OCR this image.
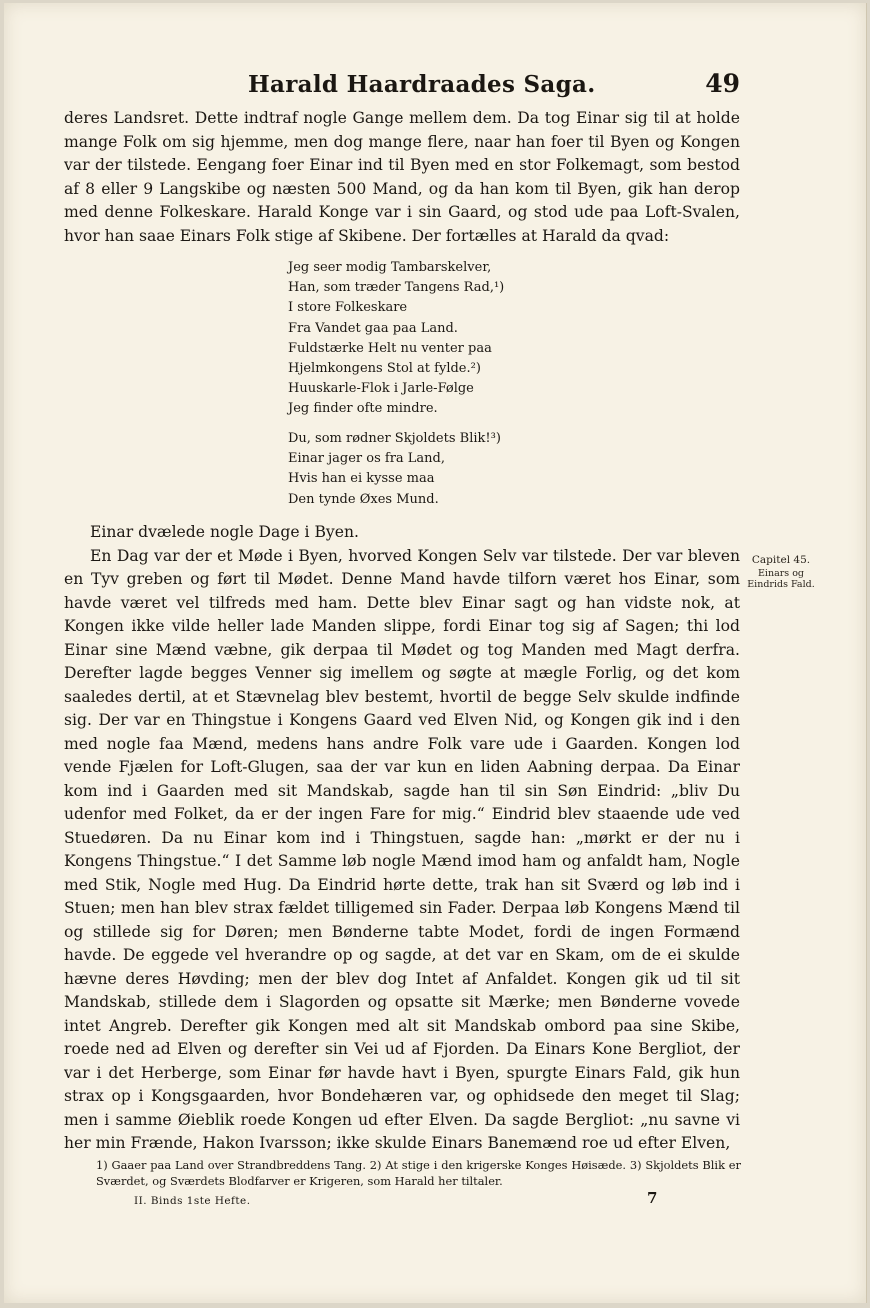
Harald Haardraades Saga.	49

deres Landsret. Dette indtraf nogle Gange mellem dem. Da tog Einar sig til at holde mange Folk om sig hjemme, men dog mange flere, naar han foer til Byen og Kongen var der tilstede. Eengang foer Einar ind til Byen med en stor Folkemagt, som bestod af 8 eller 9 Langskibe og næsten 500 Mand, og da han kom til Byen, gik han derop med denne Folkeskare. Harald Konge var i sin Gaard, og stod ude paa Loft-Svalen, hvor han saae Einars Folk stige af Skibene. Der fortælles at Harald da qvad:

Jeg seer modig Tambarskelver,
Han, som træder Tangens Rad,¹)
I store Folkeskare
Fra Vandet gaa paa Land.
Fuldstærke Helt nu venter paa
Hjelmkongens Stol at fylde.²)
Huuskarle-Flok i Jarle-Følge
Jeg finder ofte mindre.
Du, som rødner Skjoldets Blik!³)
Einar jager os fra Land,
Hvis han ei kysse maa
Den tynde Øxes Mund.

Einar dvælede nogle Dage i Byen.

En Dag var der et Møde i Byen, hvorved Kongen Selv var tilstede. Der var bleven en Tyv greben og ført til Mødet. Denne Mand havde tilforn været hos Einar, som havde været vel tilfreds med ham. Dette blev Einar sagt og han vidste nok, at Kongen ikke vilde heller lade Manden slippe, fordi Einar tog sig af Sagen; thi lod Einar sine Mænd væbne, gik derpaa til Mødet og tog Manden med Magt derfra. Derefter lagde begges Venner sig imellem og søgte at mægle Forlig, og det kom saaledes dertil, at et Stævnelag blev bestemt, hvortil de begge Selv skulde indfinde sig. Der var en Thingstue i Kongens Gaard ved Elven Nid, og Kongen gik ind i den med nogle faa Mænd, medens hans andre Folk vare ude i Gaarden. Kongen lod vende Fjælen for Loft-Glugen, saa der var kun en liden Aabning derpaa. Da Einar kom ind i Gaarden med sit Mandskab, sagde han til sin Søn Eindrid: „bliv Du udenfor med Folket, da er der ingen Fare for mig.“ Eindrid blev staaende ude ved Stuedøren. Da nu Einar kom ind i Thingstuen, sagde han: „mørkt er der nu i Kongens Thingstue.“ I det Samme løb nogle Mænd imod ham og anfaldt ham, Nogle med Stik, Nogle med Hug. Da Eindrid hørte dette, trak han sit Sværd og løb ind i Stuen; men han blev strax fældet tilligemed sin Fader. Derpaa løb Kongens Mænd til og stillede sig for Døren; men Bønderne tabte Modet, fordi de ingen Formænd havde. De eggede vel hverandre op og sagde, at det var en Skam, om de ei skulde hævne deres Høvding; men der blev dog Intet af Anfaldet. Kongen gik ud til sit Mandskab, stillede dem i Slagorden og opsatte sit Mærke; men Bønderne vovede intet Angreb. Derefter gik Kongen med alt sit Mandskab ombord paa sine Skibe, roede ned ad Elven og derefter sin Vei ud af Fjorden. Da Einars Kone Bergliot, der var i det Herberge, som Einar før havde havt i Byen, spurgte Einars Fald, gik hun strax op i Kongsgaarden, hvor Bondehæren var, og ophidsede den meget til Slag; men i samme Øieblik roede Kongen ud efter Elven. Da sagde Bergliot: „nu savne vi her min Frænde, Hakon Ivarsson; ikke skulde Einars Banemænd roe ud efter Elven,

Capitel 45.
Einars og Eindrids Fald.
1) Gaaer paa Land over Strandbreddens Tang. 2) At stige i den krigerske Konges Høisæde. 3) Skjoldets Blik er Sværdet, og Sværdets Blodfarver er Krigeren, som Harald her tiltaler.
II. Binds 1ste Hefte.	7
